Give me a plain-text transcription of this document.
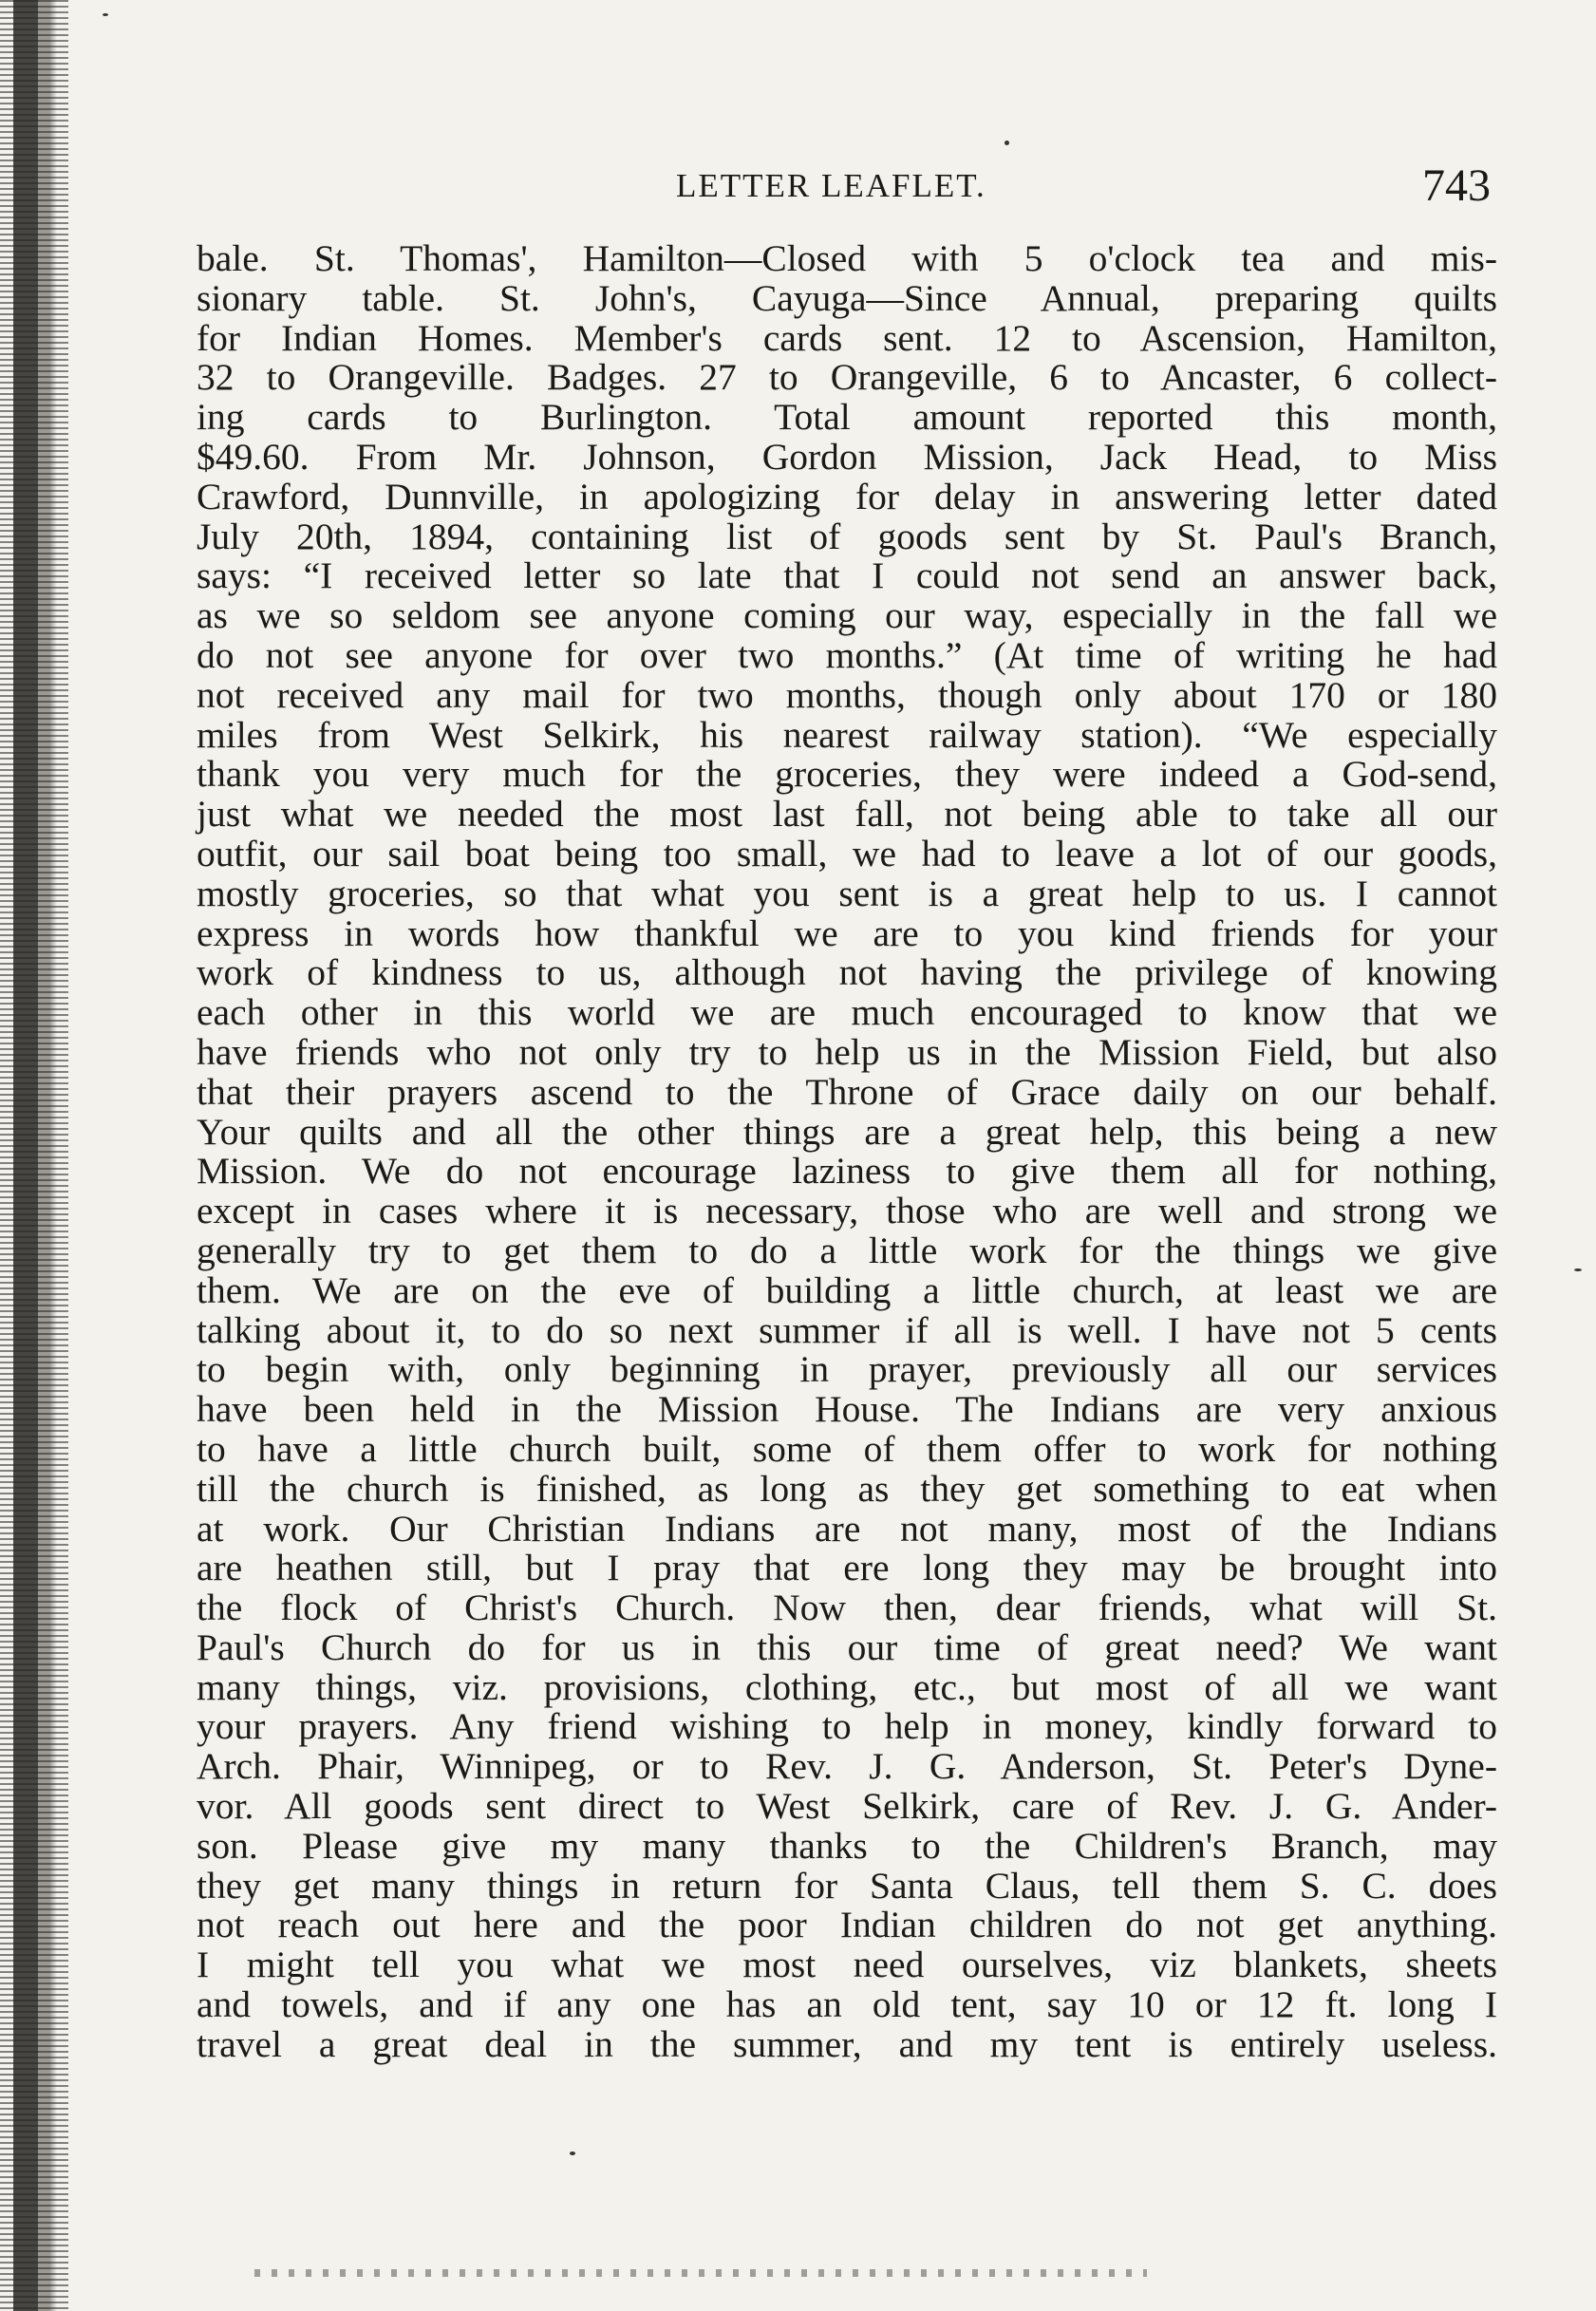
LETTER LEAFLET.	743
bale. St. Thomas', Hamilton—Closed with 5 o'clock tea and mis-
sionary table. St. John's, Cayuga—Since Annual, preparing quilts
for Indian Homes. Member's cards sent. 12 to Ascension, Hamilton,
32 to Orangeville. Badges. 27 to Orangeville, 6 to Ancaster, 6 collect-
ing cards to Burlington. Total amount reported this month,
$49.60. From Mr. Johnson, Gordon Mission, Jack Head, to Miss
Crawford, Dunnville, in apologizing for delay in answering letter dated
July 20th, 1894, containing list of goods sent by St. Paul's Branch,
says: “I received letter so late that I could not send an answer back,
as we so seldom see anyone coming our way, especially in the fall we
do not see anyone for over two months.” (At time of writing he had
not received any mail for two months, though only about 170 or 180
miles from West Selkirk, his nearest railway station). “We especially
thank you very much for the groceries, they were indeed a God-send,
just what we needed the most last fall, not being able to take all our
outfit, our sail boat being too small, we had to leave a lot of our goods,
mostly groceries, so that what you sent is a great help to us. I cannot
express in words how thankful we are to you kind friends for your
work of kindness to us, although not having the privilege of knowing
each other in this world we are much encouraged to know that we
have friends who not only try to help us in the Mission Field, but also
that their prayers ascend to the Throne of Grace daily on our behalf.
Your quilts and all the other things are a great help, this being a new
Mission. We do not encourage laziness to give them all for nothing,
except in cases where it is necessary, those who are well and strong we
generally try to get them to do a little work for the things we give
them. We are on the eve of building a little church, at least we are
talking about it, to do so next summer if all is well. I have not 5 cents
to begin with, only beginning in prayer, previously all our services
have been held in the Mission House. The Indians are very anxious
to have a little church built, some of them offer to work for nothing
till the church is finished, as long as they get something to eat when
at work. Our Christian Indians are not many, most of the Indians
are heathen still, but I pray that ere long they may be brought into
the flock of Christ's Church. Now then, dear friends, what will St.
Paul's Church do for us in this our time of great need? We want
many things, viz. provisions, clothing, etc., but most of all we want
your prayers. Any friend wishing to help in money, kindly forward to
Arch. Phair, Winnipeg, or to Rev. J. G. Anderson, St. Peter's Dyne-
vor. All goods sent direct to West Selkirk, care of Rev. J. G. Ander-
son. Please give my many thanks to the Children's Branch, may
they get many things in return for Santa Claus, tell them S. C. does
not reach out here and the poor Indian children do not get anything.
I might tell you what we most need ourselves, viz blankets, sheets
and towels, and if any one has an old tent, say 10 or 12 ft. long I
travel a great deal in the summer, and my tent is entirely useless.
